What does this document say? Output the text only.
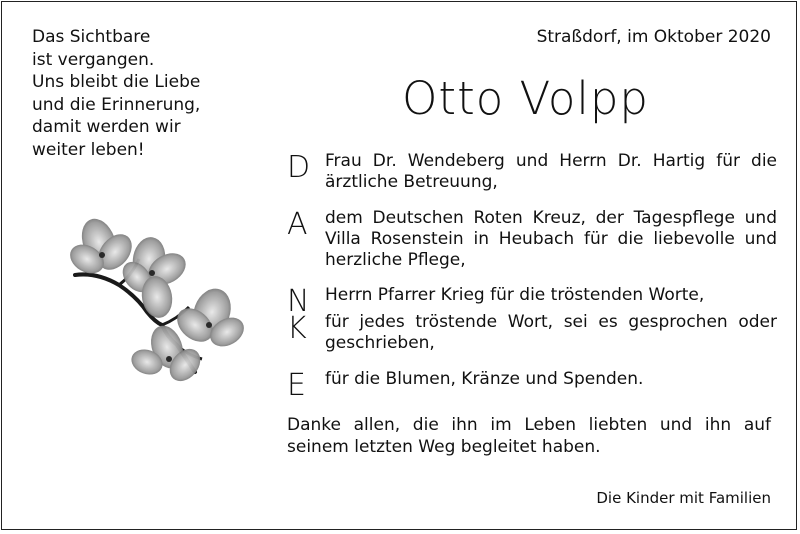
Das Sichtbare
ist vergangen.
Uns bleibt die Liebe
und die Erinnerung,
damit werden wir
weiter leben!
Straßdorf, im Oktober 2020
Otto Volpp
D Frau Dr. Wendeberg und Herrn Dr. Hartig für die ärztliche Betreuung,
A	dem Deutschen Roten Kreuz, der Tagespflege und Villa Rosenstein in Heubach für die liebevolle und herzliche Pflege,
N Herrn Pfarrer Krieg für die tröstenden Worte,
K	für jedes tröstende Wort, sei es gesprochen oder geschrieben,
E	für die Blumen, Kränze und Spenden.
Danke allen, die ihn im Leben liebten und ihn auf seinem letzten Weg begleitet haben.
Die Kinder mit Familien
